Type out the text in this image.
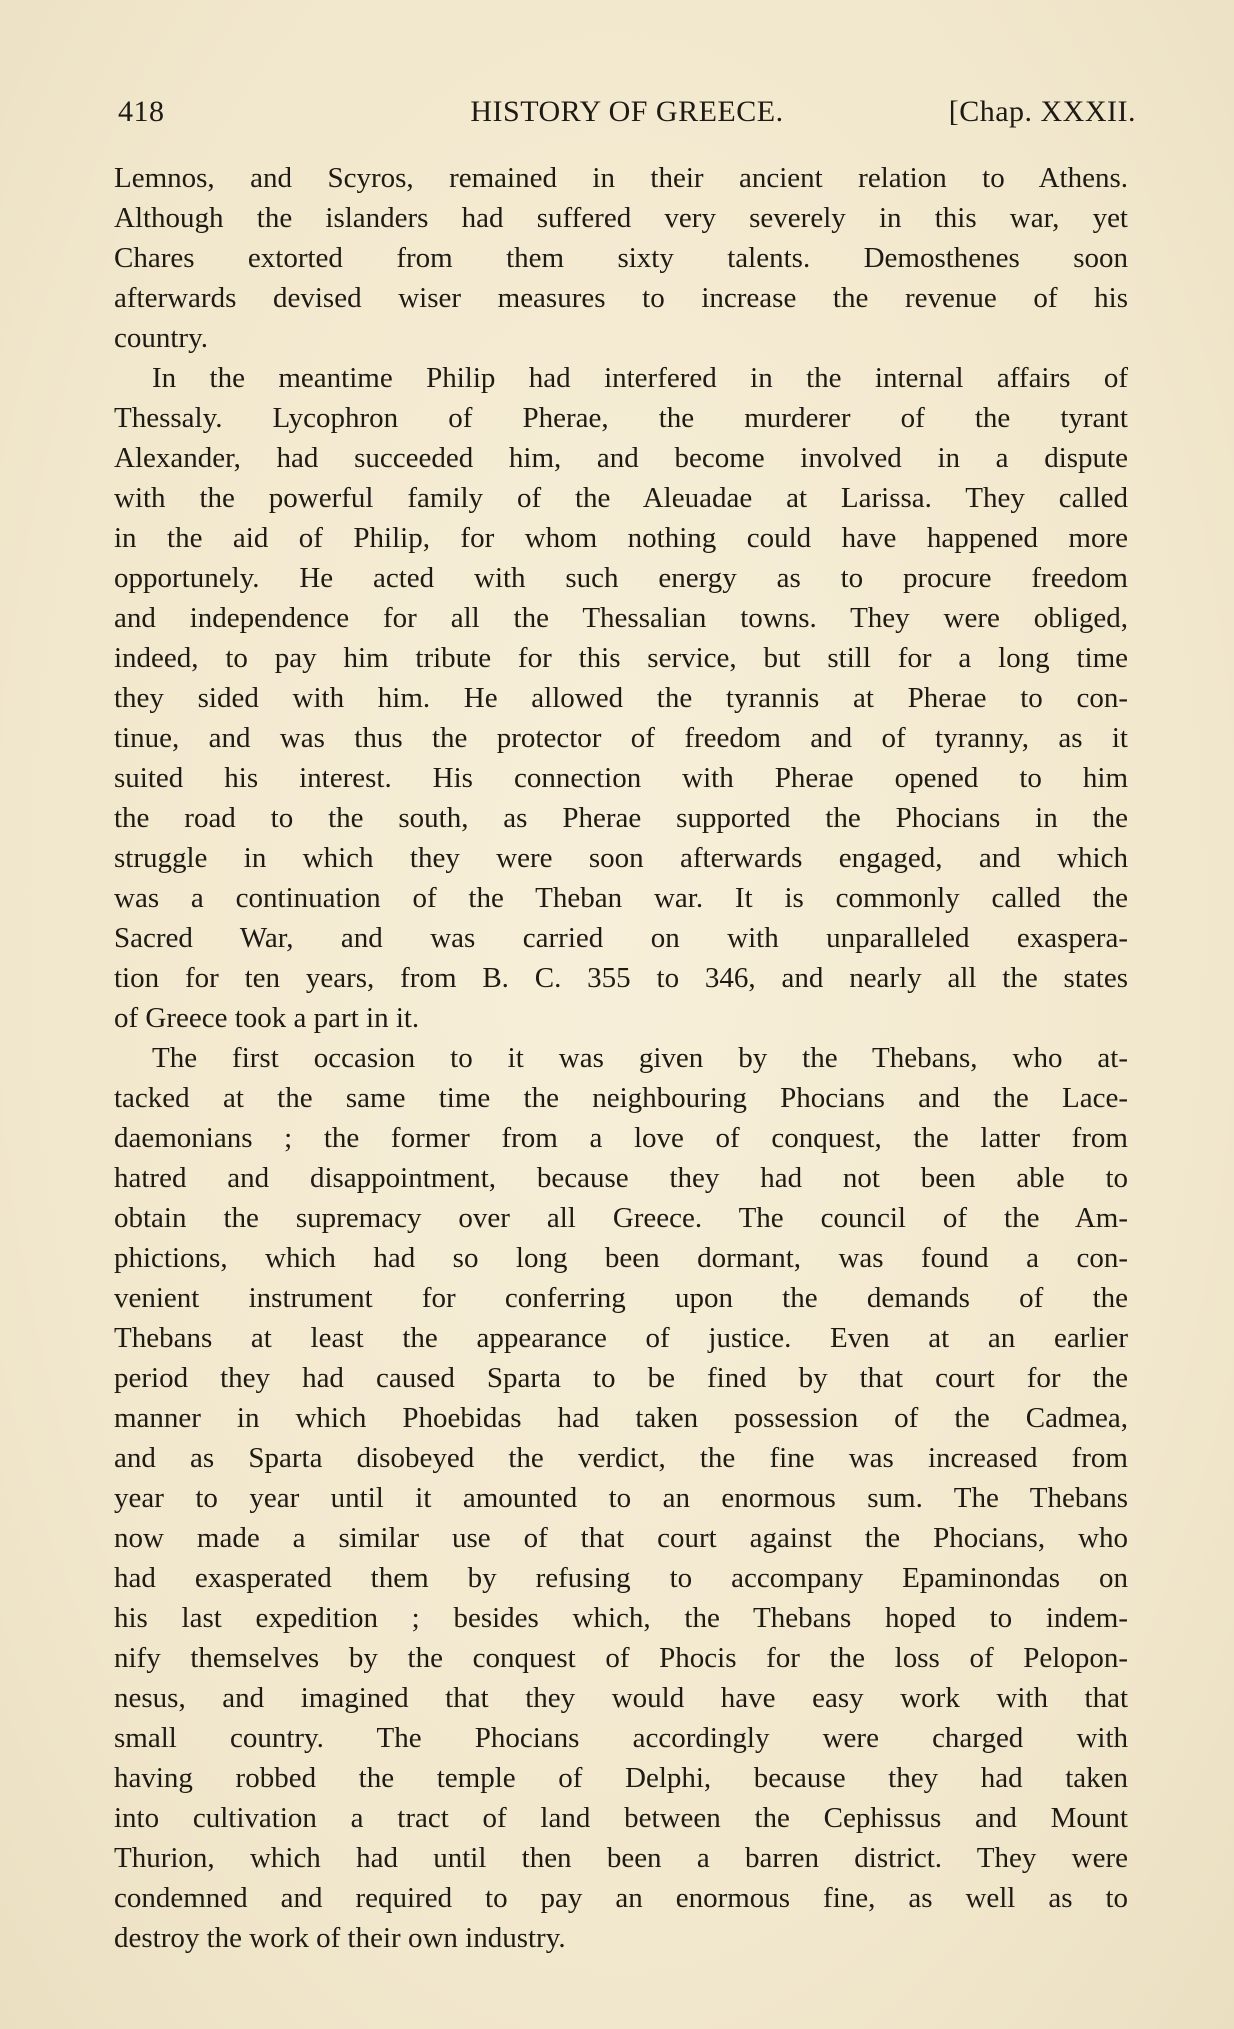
418	HISTORY OF GREECE.	[Chap. XXXII.
Lemnos, and Scyros, remained in their ancient relation to Athens.
Although the islanders had suffered very severely in this war, yet
Chares extorted from them sixty talents. Demosthenes soon
afterwards devised wiser measures to increase the revenue of his
country.
In the meantime Philip had interfered in the internal affairs of
Thessaly. Lycophron of Pherae, the murderer of the tyrant
Alexander, had succeeded him, and become involved in a dispute
with the powerful family of the Aleuadae at Larissa. They called
in the aid of Philip, for whom nothing could have happened more
opportunely. He acted with such energy as to procure freedom
and independence for all the Thessalian towns. They were obliged,
indeed, to pay him tribute for this service, but still for a long time
they sided with him. He allowed the tyrannis at Pherae to con-
tinue, and was thus the protector of freedom and of tyranny, as it
suited his interest. His connection with Pherae opened to him
the road to the south, as Pherae supported the Phocians in the
struggle in which they were soon afterwards engaged, and which
was a continuation of the Theban war. It is commonly called the
Sacred War, and was carried on with unparalleled exaspera-
tion for ten years, from B. C. 355 to 346, and nearly all the states
of Greece took a part in it.
The first occasion to it was given by the Thebans, who at-
tacked at the same time the neighbouring Phocians and the Lace-
daemonians ; the former from a love of conquest, the latter from
hatred and disappointment, because they had not been able to
obtain the supremacy over all Greece. The council of the Am-
phictions, which had so long been dormant, was found a con-
venient instrument for conferring upon the demands of the
Thebans at least the appearance of justice. Even at an earlier
period they had caused Sparta to be fined by that court for the
manner in which Phoebidas had taken possession of the Cadmea,
and as Sparta disobeyed the verdict, the fine was increased from
year to year until it amounted to an enormous sum. The Thebans
now made a similar use of that court against the Phocians, who
had exasperated them by refusing to accompany Epaminondas on
his last expedition ; besides which, the Thebans hoped to indem-
nify themselves by the conquest of Phocis for the loss of Pelopon-
nesus, and imagined that they would have easy work with that
small country. The Phocians accordingly were charged with
having robbed the temple of Delphi, because they had taken
into cultivation a tract of land between the Cephissus and Mount
Thurion, which had until then been a barren district. They were
condemned and required to pay an enormous fine, as well as to
destroy the work of their own industry.
